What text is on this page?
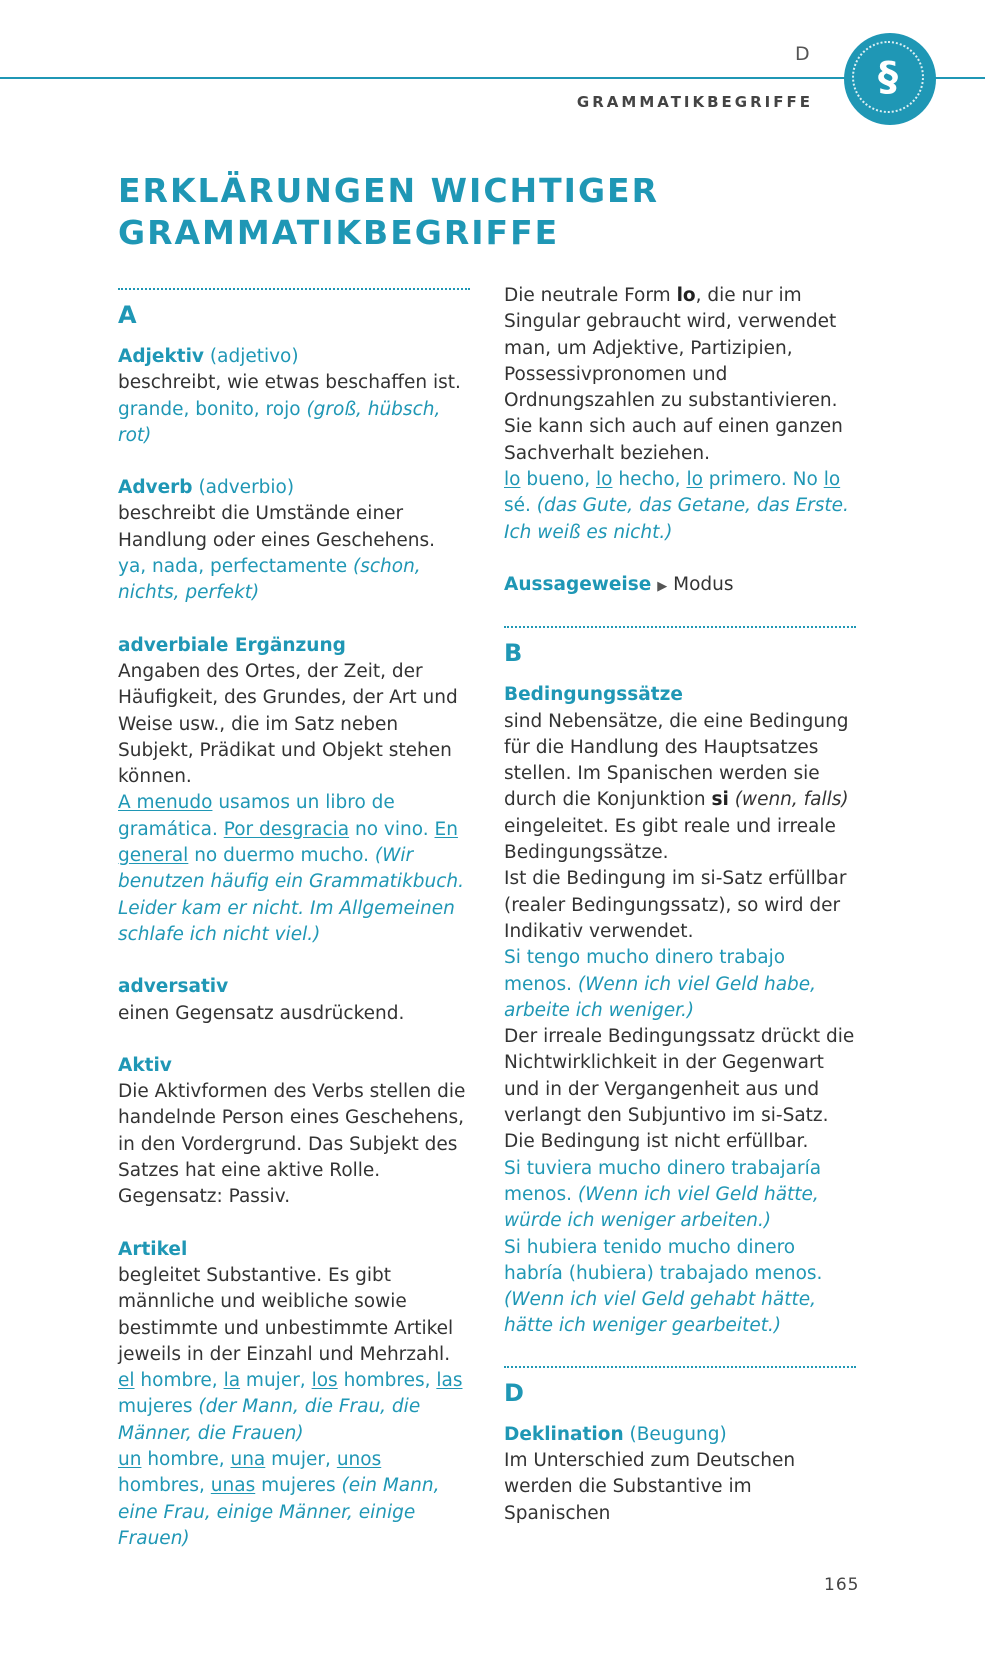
D
GRAMMATIKBEGRIFFE
§
ERKLÄRUNGEN WICHTIGER
GRAMMATIKBEGRIFFE
A

Adjektiv (adjetivo)

beschreibt, wie etwas beschaffen ist.

grande, bonito, rojo (groß, hübsch, rot)

Adverb (adverbio)

beschreibt die Umstände einer Handlung oder eines Geschehens.

ya, nada, perfectamente (schon, nichts, perfekt)

adverbiale Ergänzung

Angaben des Ortes, der Zeit, der Häufigkeit, des Grundes, der Art und Weise usw., die im Satz neben Subjekt, Prädikat und Objekt stehen können.

A menudo usamos un libro de gramática. Por desgracia no vino. En general no duermo mucho. (Wir benutzen häufig ein Grammatikbuch. Leider kam er nicht. Im Allgemeinen schlafe ich nicht viel.)

adversativ

einen Gegensatz ausdrückend.

Aktiv

Die Aktivformen des Verbs stellen die handelnde Person eines Geschehens, in den Vordergrund. Das Subjekt des Satzes hat eine aktive Rolle. Gegensatz: Passiv.

Artikel

begleitet Substantive. Es gibt männliche und weibliche sowie bestimmte und unbestimmte Artikel jeweils in der Einzahl und Mehrzahl.

el hombre, la mujer, los hombres, las mujeres (der Mann, die Frau, die Männer, die Frauen)

un hombre, una mujer, unos hombres, unas mujeres (ein Mann, eine Frau, einige Männer, einige Frauen)

Die neutrale Form lo, die nur im Singular gebraucht wird, verwendet man, um Adjektive, Partizipien, Possessivpronomen und Ordnungszahlen zu substantivieren. Sie kann sich auch auf einen ganzen Sachverhalt beziehen.

lo bueno, lo hecho, lo primero. No lo sé. (das Gute, das Getane, das Erste. Ich weiß es nicht.)

Aussageweise ▶ Modus

B

Bedingungssätze

sind Nebensätze, die eine Bedingung für die Handlung des Hauptsatzes stellen. Im Spanischen werden sie durch die Konjunktion si (wenn, falls) eingeleitet. Es gibt reale und irreale Bedingungssätze.

Ist die Bedingung im si-Satz erfüllbar (realer Bedingungssatz), so wird der Indikativ verwendet.

Si tengo mucho dinero trabajo menos. (Wenn ich viel Geld habe, arbeite ich weniger.)

Der irreale Bedingungssatz drückt die Nichtwirklichkeit in der Gegenwart und in der Vergangenheit aus und verlangt den Subjuntivo im si-Satz. Die Bedingung ist nicht erfüllbar.

Si tuviera mucho dinero trabajaría menos. (Wenn ich viel Geld hätte, würde ich weniger arbeiten.)

Si hubiera tenido mucho dinero habría (hubiera) trabajado menos. (Wenn ich viel Geld gehabt hätte, hätte ich weniger gearbeitet.)

D

Deklination (Beugung)

Im Unterschied zum Deutschen werden die Substantive im Spanischen

165
